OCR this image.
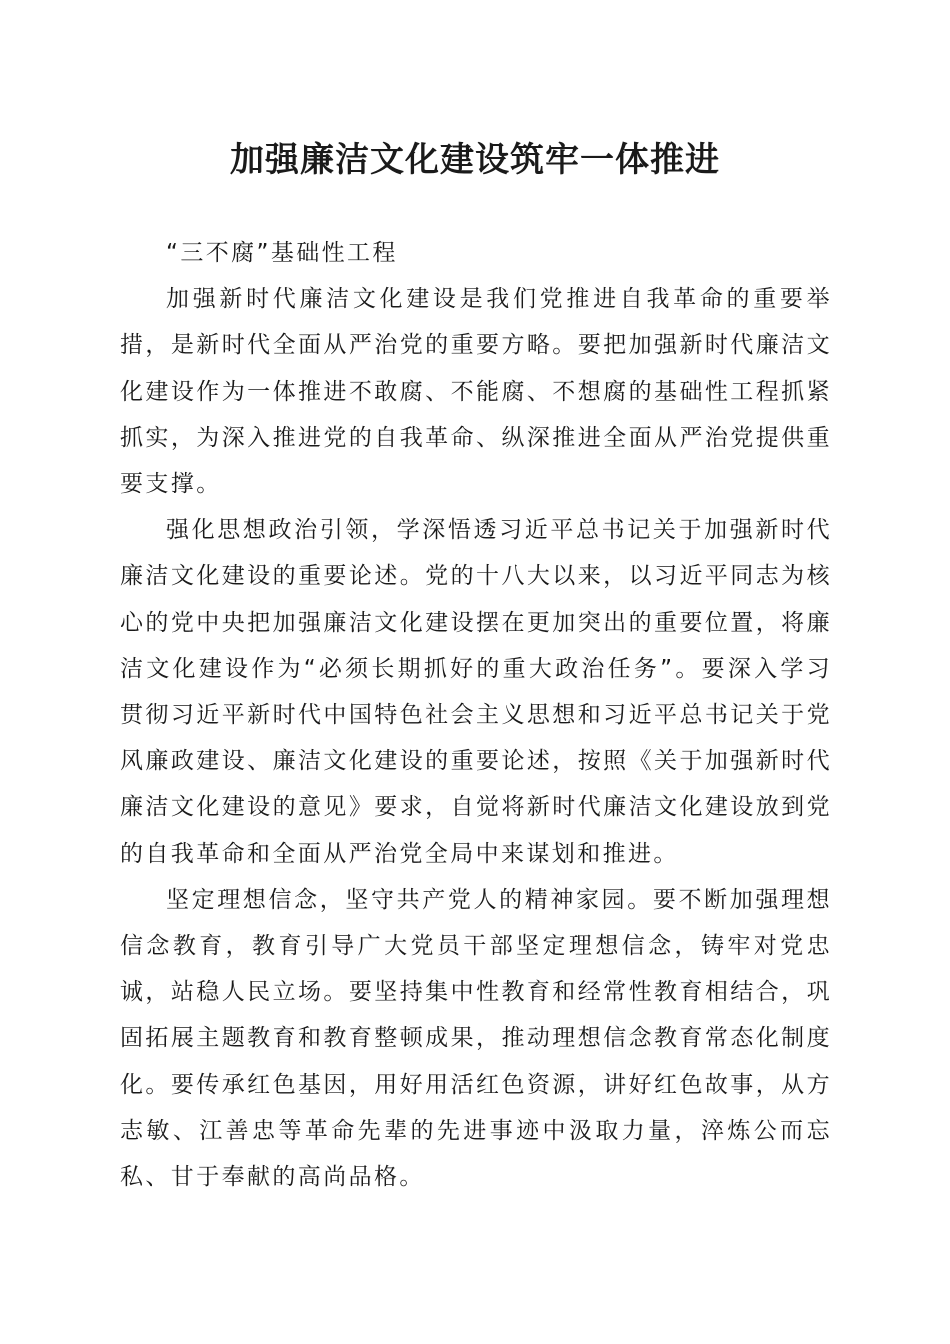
加强廉洁文化建设筑牢一体推进

“三不腐”基础性工程

加强新时代廉洁文化建设是我们党推进自我革命的重要举措，是新时代全面从严治党的重要方略。要把加强新时代廉洁文化建设作为一体推进不敢腐、不能腐、不想腐的基础性工程抓紧抓实，为深入推进党的自我革命、纵深推进全面从严治党提供重要支撑。

强化思想政治引领，学深悟透习近平总书记关于加强新时代廉洁文化建设的重要论述。党的十八大以来，以习近平同志为核心的党中央把加强廉洁文化建设摆在更加突出的重要位置，将廉洁文化建设作为“必须长期抓好的重大政治任务”。要深入学习贯彻习近平新时代中国特色社会主义思想和习近平总书记关于党风廉政建设、廉洁文化建设的重要论述，按照《关于加强新时代廉洁文化建设的意见》要求，自觉将新时代廉洁文化建设放到党的自我革命和全面从严治党全局中来谋划和推进。

坚定理想信念，坚守共产党人的精神家园。要不断加强理想信念教育，教育引导广大党员干部坚定理想信念，铸牢对党忠诚，站稳人民立场。要坚持集中性教育和经常性教育相结合，巩固拓展主题教育和教育整顿成果，推动理想信念教育常态化制度化。要传承红色基因，用好用活红色资源，讲好红色故事，从方志敏、江善忠等革命先辈的先进事迹中汲取力量，淬炼公而忘私、甘于奉献的高尚品格。
